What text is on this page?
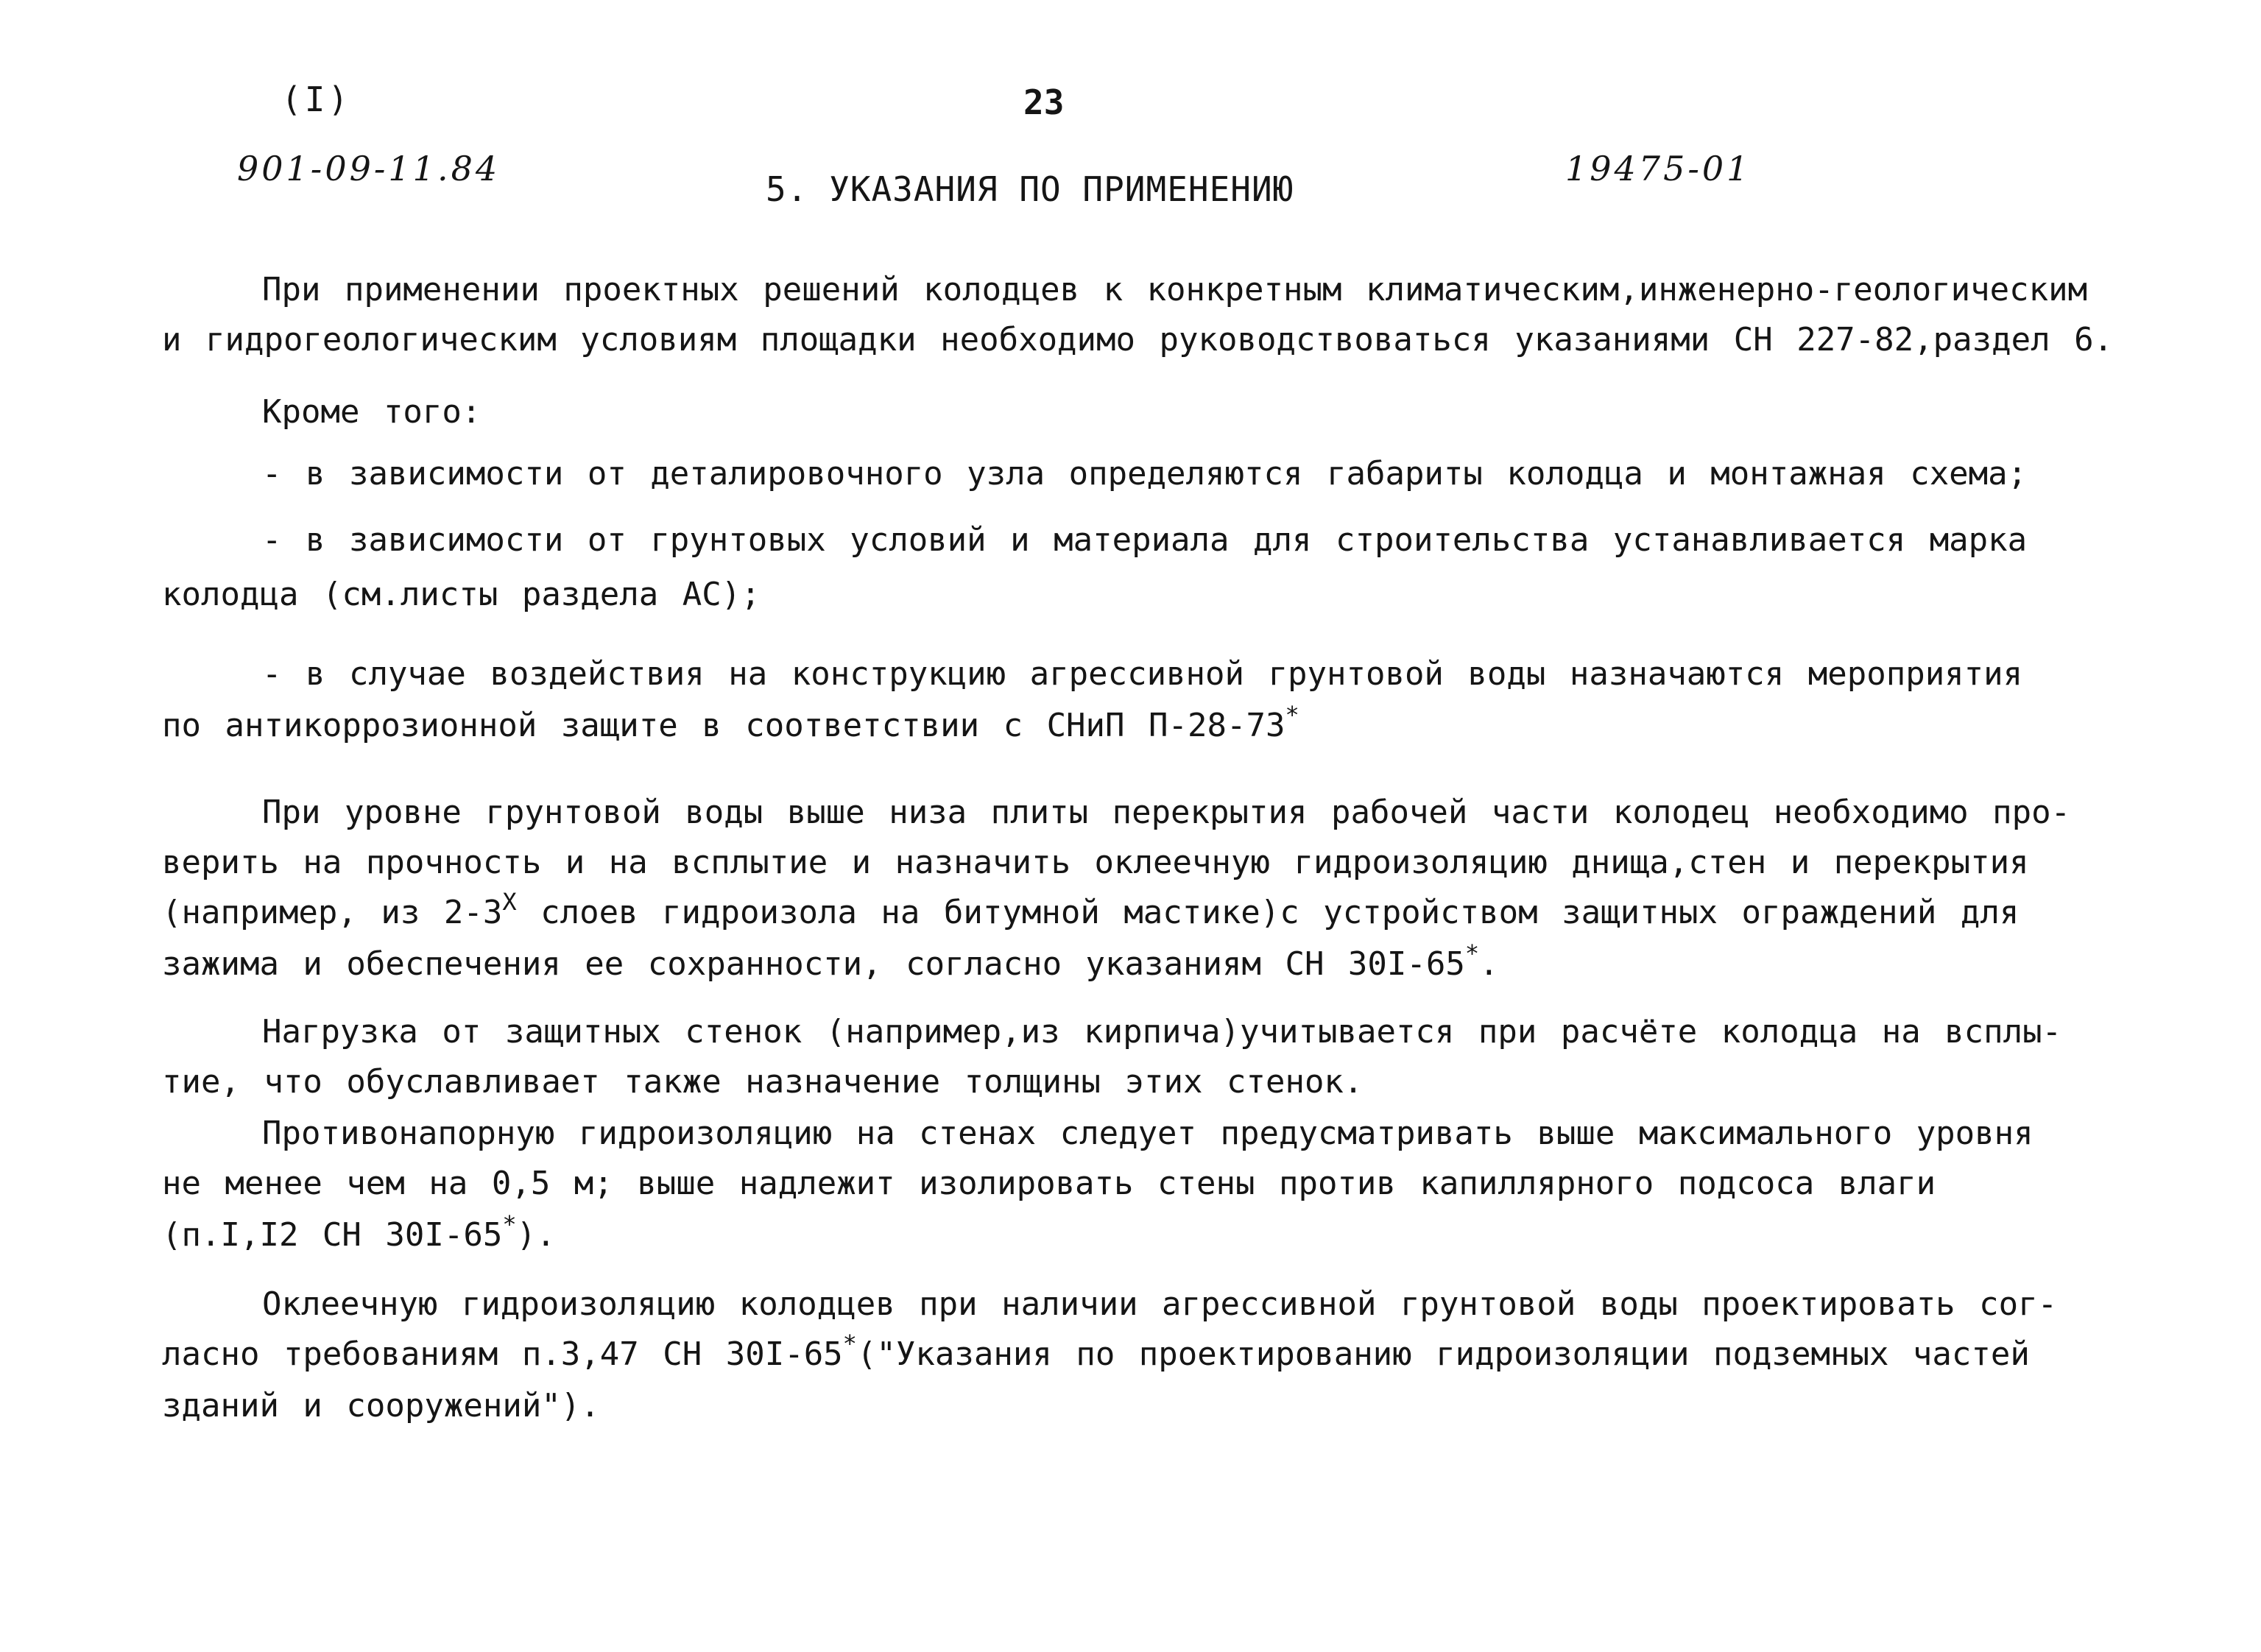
(I)	23
901-09-11.84	19475-01
5. УКАЗАНИЯ ПО ПРИМЕНЕНИЮ
При применении проектных решений колодцев к конкретным климатическим,инженерно-геологическим
и гидрогеологическим условиям площадки необходимо руководствоваться указаниями СН 227-82,раздел 6.
Кроме того:
- в зависимости от деталировочного узла определяются габариты колодца и монтажная схема;
- в зависимости от грунтовых условий и материала для строительства устанавливается марка
колодца (см.листы раздела АС);
- в случае воздействия на конструкцию агрессивной грунтовой воды назначаются мероприятия
по антикоррозионной защите в соответствии с СНиП П-28-73*
При уровне грунтовой воды выше низа плиты перекрытия рабочей части колодец необходимо про-
верить на прочность и на всплытие и назначить оклеечную гидроизоляцию днища,стен и перекрытия
(например, из $2-3^Х$ слоев гидроизола на битумной мастике)с устройством защитных ограждений для
зажима и обеспечения ее сохранности, согласно указаниям СН 30I-65*.
Нагрузка от защитных стенок (например,из кирпича)учитывается при расчёте колодца на всплы-
тие, что обуславливает также назначение толщины этих стенок.
Противонапорную гидроизоляцию на стенах следует предусматривать выше максимального уровня
не менее чем на 0,5 м; выше надлежит изолировать стены против капиллярного подсоса влаги
(п.I,I2 СН 30I-65*).
Оклеечную гидроизоляцию колодцев при наличии агрессивной грунтовой воды проектировать сог-
ласно требованиям п.3,47 СН 30I-65*("Указания по проектированию гидроизоляции подземных частей
зданий и сооружений").
